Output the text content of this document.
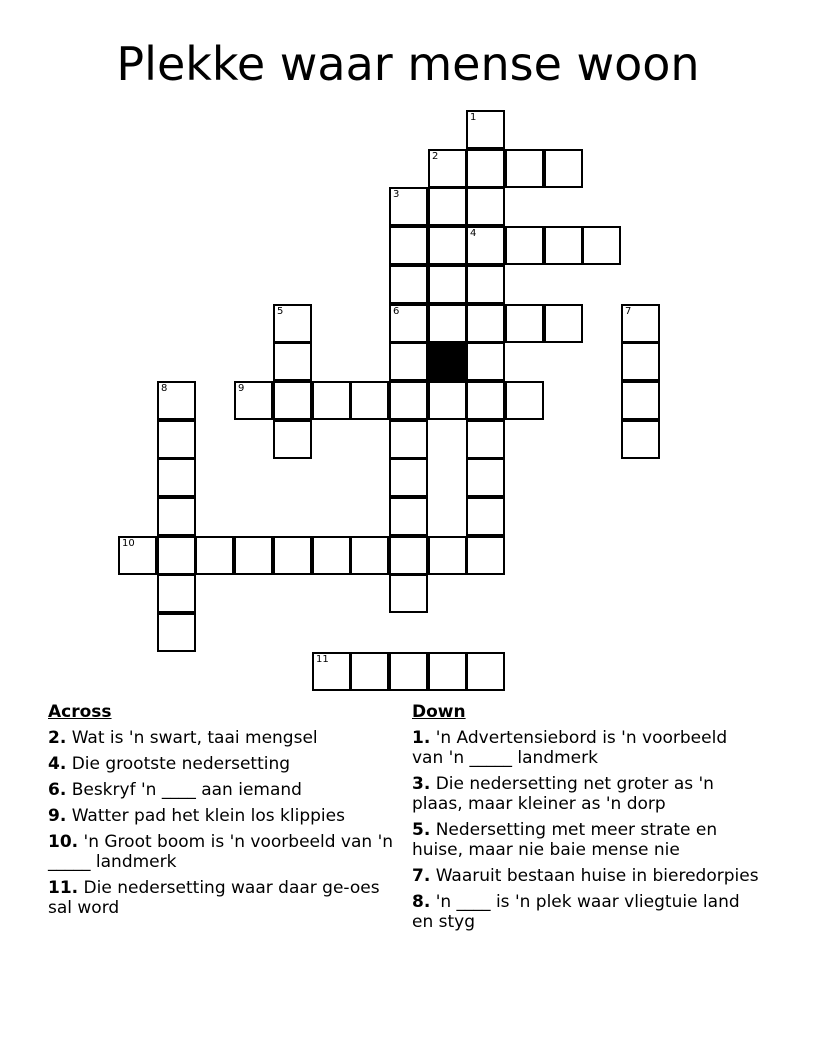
Plekke waar mense woon
1
2
3
4
5	6	7
8	9
10
11
Across
2. Wat is 'n swart, taai mengsel
4. Die grootste nedersetting
6. Beskryf 'n ____ aan iemand
9. Watter pad het klein los klippies
10. 'n Groot boom is 'n voorbeeld van 'n _____ landmerk
11. Die nedersetting waar daar ge-oes sal word
Down
1. 'n Advertensiebord is 'n voorbeeld van 'n _____ landmerk
3. Die nedersetting net groter as 'n plaas, maar kleiner as 'n dorp
5. Nedersetting met meer strate en huise, maar nie baie mense nie
7. Waaruit bestaan huise in bieredorpies
8. 'n ____ is 'n plek waar vliegtuie land en styg
